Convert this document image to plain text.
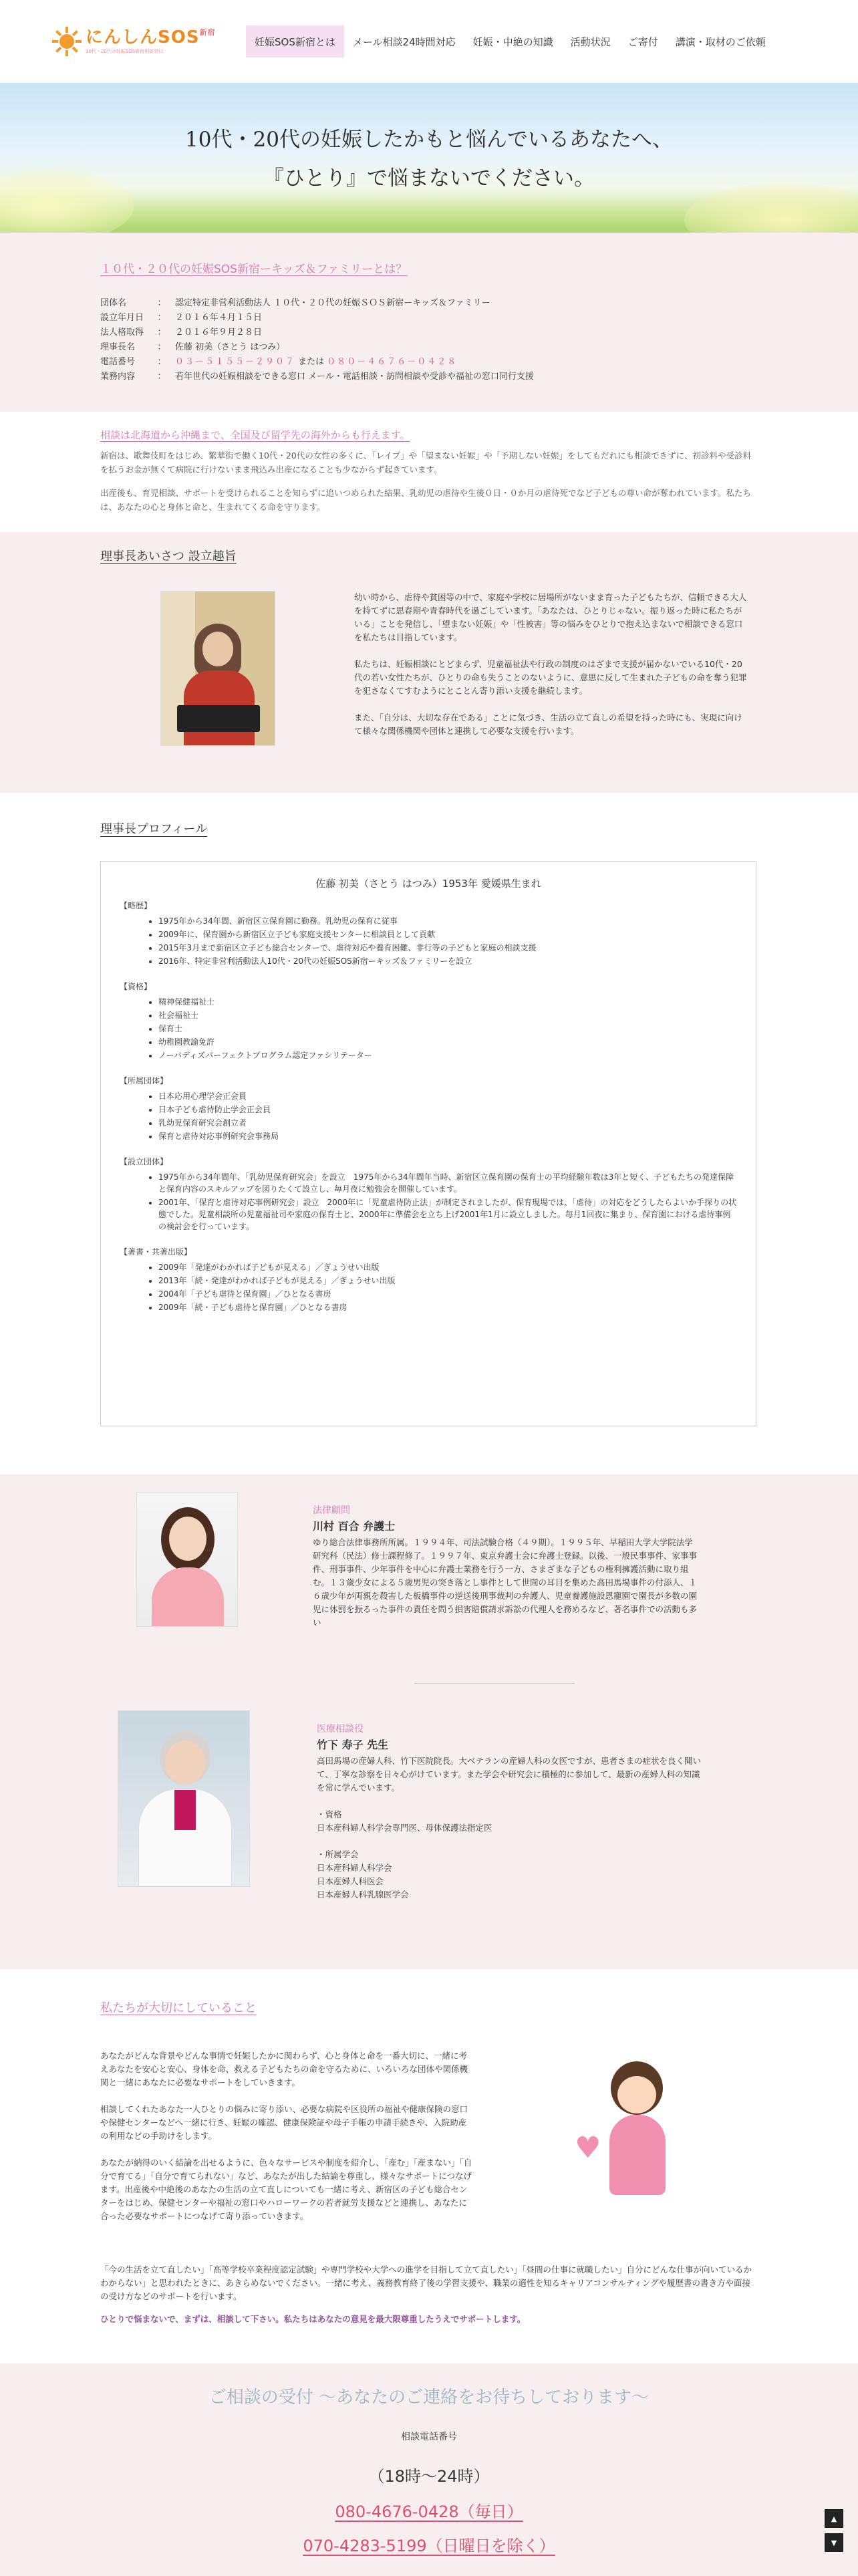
にんしん$SOS^{新宿}$
10代・20代の妊娠SOS新宿相談窓口
妊娠SOS新宿とは	メール相談24時間対応	妊娠・中絶の知識	活動状況	ご寄付	講演・取材のご依頼
10代・20代の妊娠したかもと悩んでいるあなたへ、
『ひとり』で悩まないでください。
１０代・２０代の妊娠SOS新宿ーキッズ＆ファミリーとは？
団体名	：	認定特定非営利活動法人 １０代・２０代の妊娠ＳＯＳ新宿ーキッズ＆ファミリー
設立年月日	：	２０１６年４月１５日
法人格取得	：	２０１６年９月２８日
理事長名	：	佐藤 初美（さとう はつみ）
電話番号	：	０３－５１５５－２９０７ または ０８０－４６７６－０４２８
業務内容	：	若年世代の妊娠相談をできる窓口 メール・電話相談・訪問相談や受診や福祉の窓口同行支援
相談は北海道から沖縄まで、全国及び留学先の海外からも行えます。

新宿は、歌舞伎町をはじめ、繁華街で働く10代・20代の女性の多くに、「レイプ」や「望まない妊娠」や「予期しない妊娠」をしてもだれにも相談できずに、初診料や受診料を払うお金が無くて病院に行けないまま飛込み出産になることも少なからず起きています。

出産後も、育児相談、サポートを受けられることを知らずに追いつめられた結果、乳幼児の虐待や生後０日・０か月の虐待死でなど子どもの尊い命が奪われています。私たちは、あなたの心と身体と命と、生まれてくる命を守ります。

理事長あいさつ 設立趣旨

幼い時から、虐待や貧困等の中で、家庭や学校に居場所がないまま育った子どもたちが、信頼できる大人を持てずに思春期や青春時代を過ごしています。「あなたは、ひとりじゃない。振り返った時に私たちがいる」ことを発信し、「望まない妊娠」や「性被害」等の悩みをひとりで抱え込まないで相談できる窓口を私たちは目指しています。

私たちは、妊娠相談にとどまらず、児童福祉法や行政の制度のはざまで支援が届かないでいる10代・20代の若い女性たちが、ひとりの命も失うことのないように、意思に反して生まれた子どもの命を奪う犯罪を犯さなくてすむようにとことん寄り添い支援を継続します。

また、「自分は、大切な存在である」ことに気づき、生活の立て直しの希望を持った時にも、実現に向けて様々な関係機関や団体と連携して必要な支援を行います。

理事長プロフィール
佐藤 初美（さとう はつみ）1953年 愛媛県生まれ
【略歴】
• 1975年から34年間、新宿区立保育園に勤務。乳幼児の保育に従事
• 2009年に、保育園から新宿区立子ども家庭支援センターに相談員として貢献
• 2015年3月まで新宿区立子ども総合センターで、虐待対応や養育困難、非行等の子どもと家庭の相談支援
• 2016年、特定非営利活動法人10代・20代の妊娠SOS新宿ーキッズ＆ファミリーを設立
【資格】
• 精神保健福祉士
• 社会福祉士
• 保育士
• 幼稚園教諭免許
• ノーバディズパーフェクトプログラム認定ファシリテーター
【所属団体】
• 日本応用心理学会正会員
• 日本子ども虐待防止学会正会員
• 乳幼児保育研究会創立者
• 保育と虐待対応事例研究会事務局
【設立団体】
• 1975年から34年間年、「乳幼児保育研究会」を設立　1975年から34年間年当時、新宿区立保育園の保育士の平均経験年数は3年と短く、子どもたちの発達保障と保育内容のスキルアップを図りたくて設立し、毎月夜に勉強会を開催しています。
• 2001年、「保育と虐待対応事例研究会」設立　2000年に「児童虐待防止法」が制定されましたが、保育現場では、「虐待」の対応をどうしたらよいか手探りの状態でした。児童相談所の児童福祉司や家庭の保育士と、2000年に準備会を立ち上げ2001年1月に設立しました。毎月1回夜に集まり、保育園における虐待事例の検討会を行っています。
【著書・共著出版】
• 2009年「発達がわかれば子どもが見える」／ぎょうせい出版
• 2013年「続・発達がわかれば子どもが見える」／ぎょうせい出版
• 2004年「子ども虐待と保育園」／ひとなる書房
• 2009年「続・子ども虐待と保育園」／ひとなる書房
法律顧問
川村 百合 弁護士
ゆり総合法律事務所所属。１９９４年、司法試験合格（４９期）。１９９５年、早稲田大学大学院法学研究科（民法）修士課程修了。１９９７年、東京弁護士会に弁護士登録。以後、一般民事事件、家事事件、刑事事件、少年事件を中心に弁護士業務を行う一方、さまざまな子どもの権利擁護活動に取り組む。１３歳少女による５歳男児の突き落とし事件として世間の耳目を集めた高田馬場事件の付添人、１６歳少年が両親を殺害した板橋事件の逆送後刑事裁判の弁護人、児童養護施設恩寵園で園長が多数の園児に体罰を振るった事件の責任を問う損害賠償請求訴訟の代理人を務めるなど、著名事件での活動も多い
医療相談役
竹下 寿子 先生
高田馬場の産婦人科、竹下医院院長。大ベテランの産婦人科の女医ですが、患者さまの症状を良く聞いて、丁寧な診察を日々心がけています。また学会や研究会に積極的に参加して、最新の産婦人科の知識を常に学んでいます。
・資格
日本産科婦人科学会専門医、母体保護法指定医
・所属学会
日本産科婦人科学会
日本産婦人科医会
日本産婦人科乳腺医学会
私たちが大切にしていること

あなたがどんな背景やどんな事情で妊娠したかに関わらず、心と身体と命を一番大切に、一緒に考えあなたを安心と安心、身体を命、救える子どもたちの命を守るために、いろいろな団体や関係機関と一緒にあなたに必要なサポートをしていきます。

相談してくれたあなた一人ひとりの悩みに寄り添い、必要な病院や区役所の福祉や健康保険の窓口や保健センターなどへ一緒に行き、妊娠の確認、健康保険証や母子手帳の申請手続きや、入院助産の利用などの手助けをします。

あなたが納得のいく結論を出せるように、色々なサービスや制度を紹介し、「産む」「産まない」「自分で育てる」「自分で育てられない」など、あなたが出した結論を尊重し、様々なサポートにつなげます。出産後や中絶後のあなたの生活の立て直しについても一緒に考え、新宿区の子ども総合センターをはじめ、保健センターや福祉の窓口やハローワークの若者就労支援などと連携し、あなたに合った必要なサポートにつなげて寄り添っていきます。

♥
「今の生活を立て直したい」「高等学校卒業程度認定試験」や専門学校や大学への進学を目指して立て直したい」「昼間の仕事に就職したい」自分にどんな仕事が向いているかわからない」と思われたときに、あきらめないでください。一緒に考え、義務教育終了後の学習支援や、職業の適性を知るキャリアコンサルティングや履歴書の書き方や面接の受け方などのサポートを行います。
ひとりで悩まないで、まずは、相談して下さい。私たちはあなたの意見を最大限尊重したうえでサポートします。
ご相談の受付 〜あなたのご連絡をお待ちしております〜
相談電話番号
（18時〜24時）
080-4676-0428（毎日）
070-4283-5199（日曜日を除く）
▲
▼
